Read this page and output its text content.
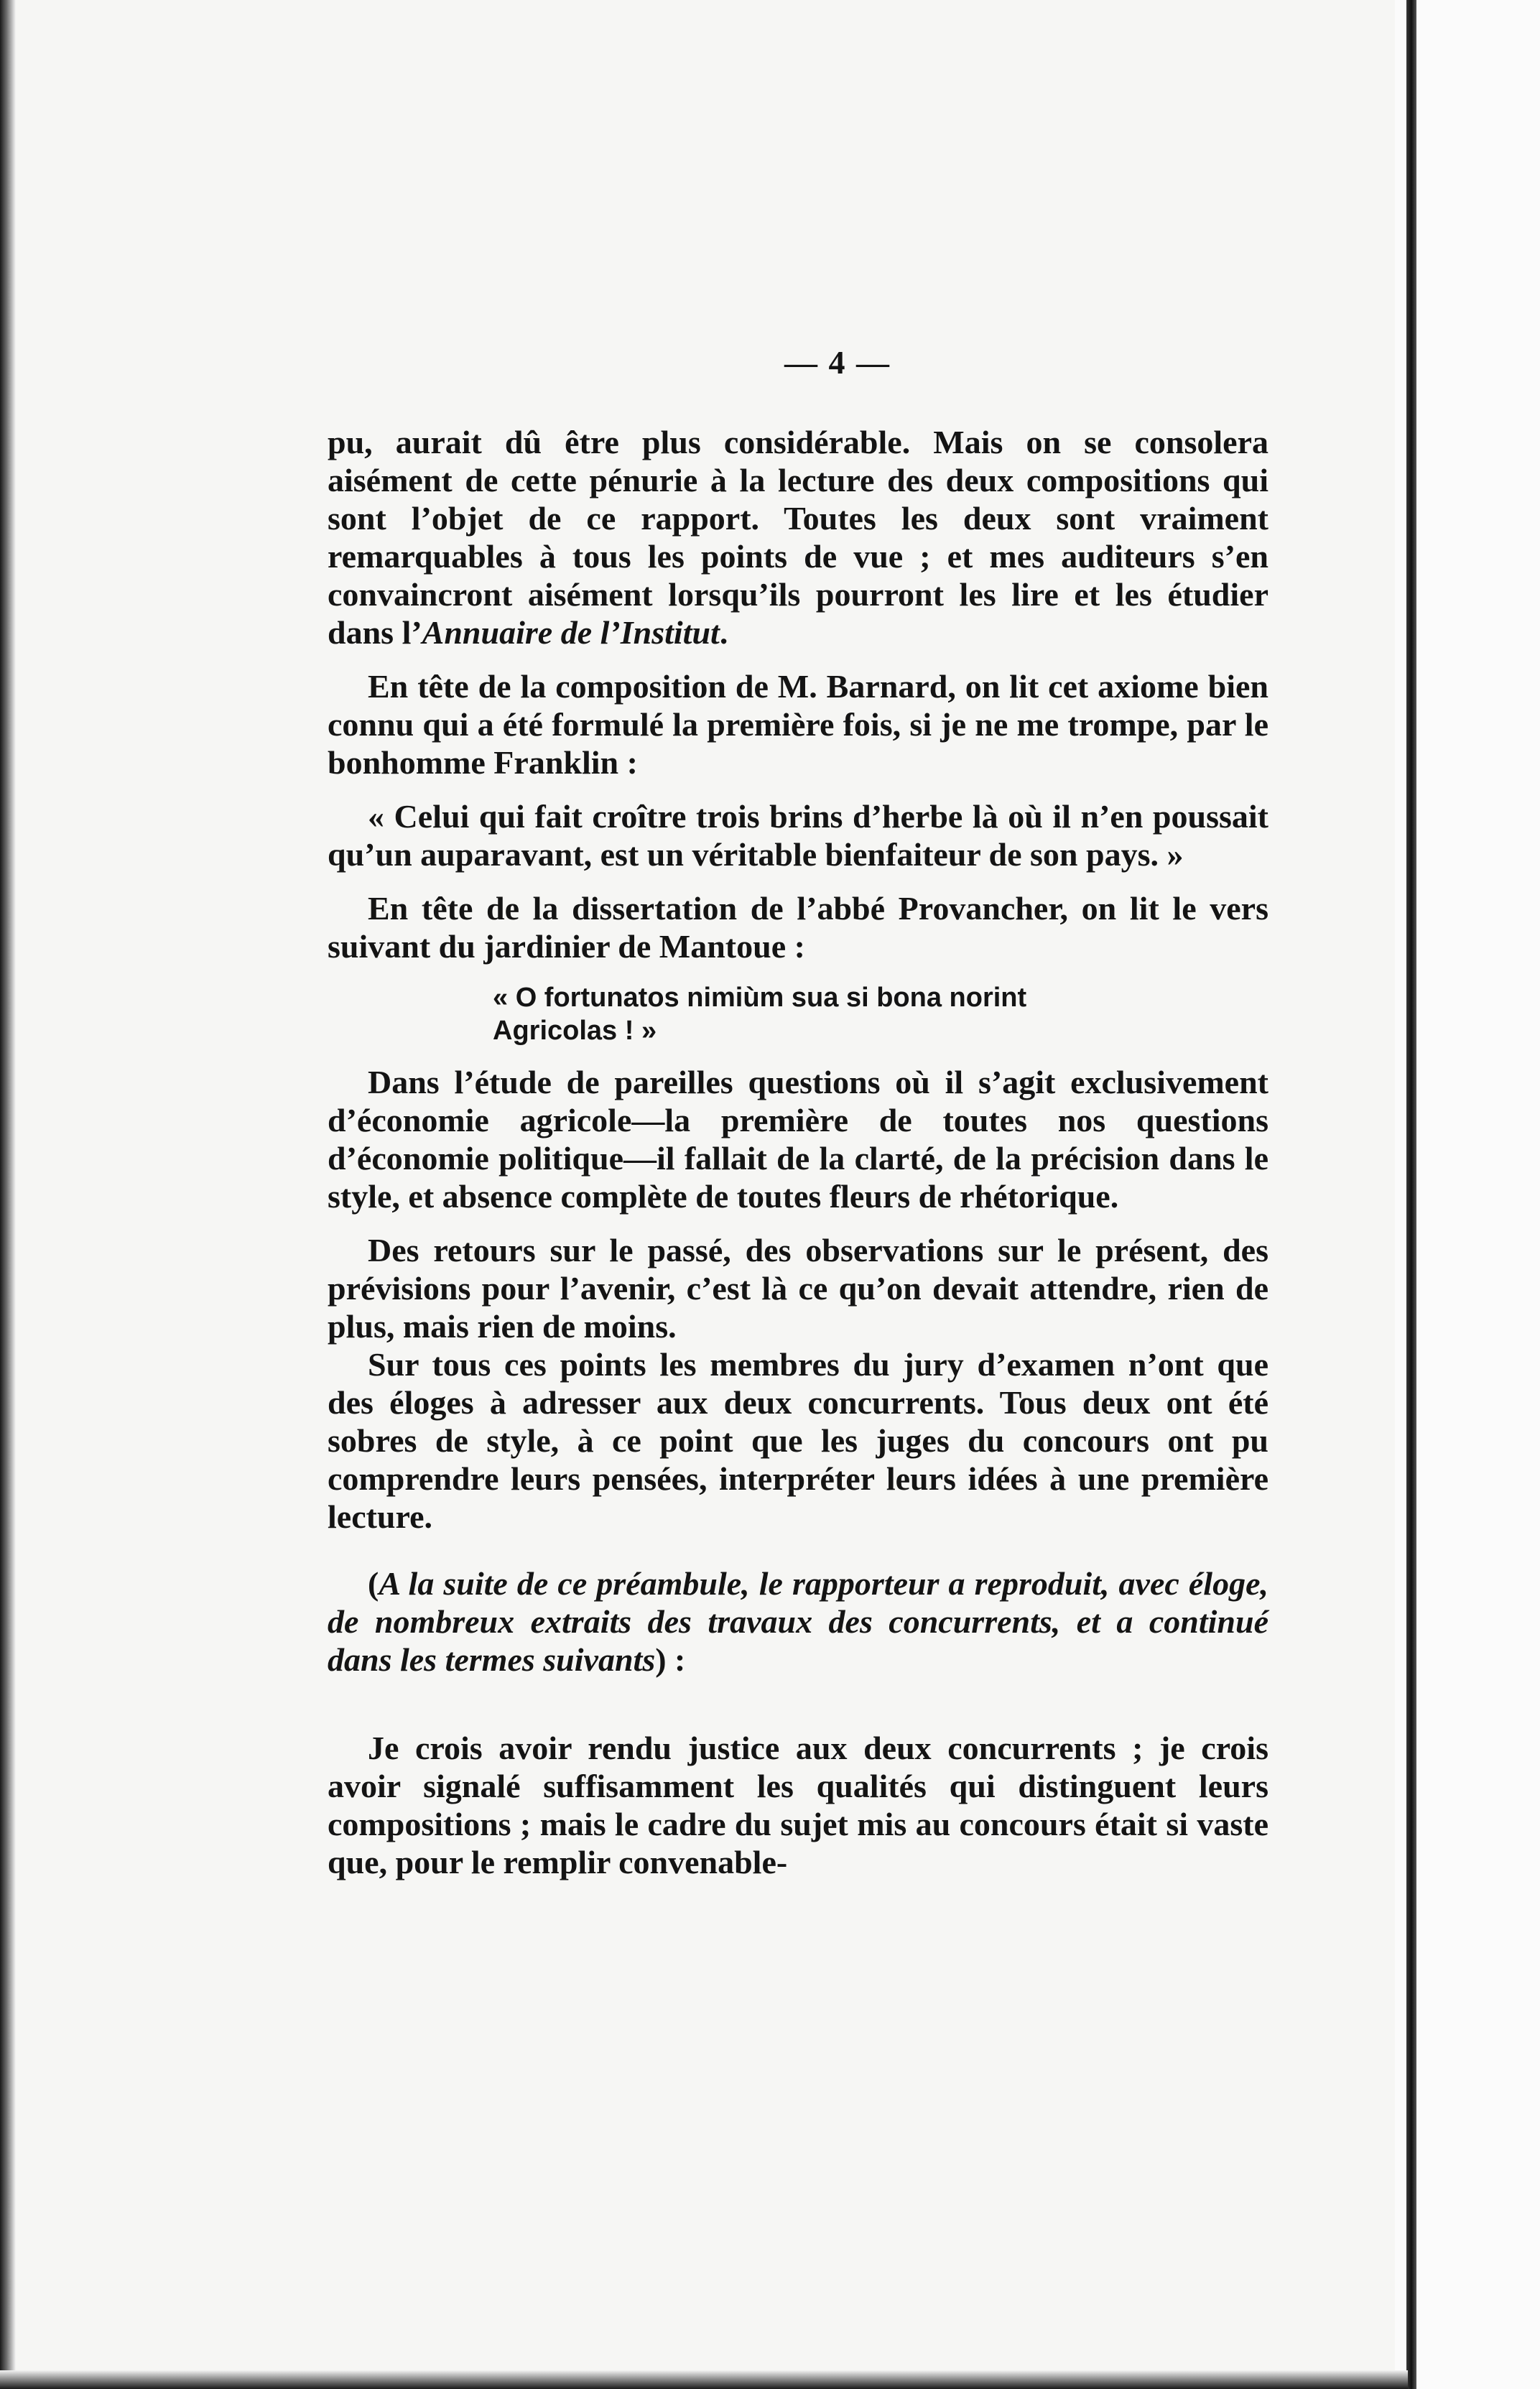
— 4 —

pu, aurait dû être plus considérable. Mais on se consolera aisément de cette pénurie à la lecture des deux compositions qui sont l’objet de ce rapport. Toutes les deux sont vraiment remarquables à tous les points de vue ; et mes auditeurs s’en convaincront aisément lorsqu’ils pourront les lire et les étudier dans l’Annuaire de l’Institut.

En tête de la composition de M. Barnard, on lit cet axiome bien connu qui a été formulé la première fois, si je ne me trompe, par le bonhomme Franklin :

« Celui qui fait croître trois brins d’herbe là où il n’en poussait qu’un auparavant, est un véritable bienfaiteur de son pays. »

En tête de la dissertation de l’abbé Provancher, on lit le vers suivant du jardinier de Mantoue :

« O fortunatos nimiùm sua si bona norint
Agricolas ! »

Dans l’étude de pareilles questions où il s’agit exclusivement d’économie agricole—la première de toutes nos questions d’économie politique—il fallait de la clarté, de la précision dans le style, et absence complète de toutes fleurs de rhétorique.

Des retours sur le passé, des observations sur le présent, des prévisions pour l’avenir, c’est là ce qu’on devait attendre, rien de plus, mais rien de moins.

Sur tous ces points les membres du jury d’examen n’ont que des éloges à adresser aux deux concurrents. Tous deux ont été sobres de style, à ce point que les juges du concours ont pu comprendre leurs pensées, interpréter leurs idées à une première lecture.

(A la suite de ce préambule, le rapporteur a reproduit, avec éloge, de nombreux extraits des travaux des concurrents, et a continué dans les termes suivants) :

Je crois avoir rendu justice aux deux concurrents ; je crois avoir signalé suffisamment les qualités qui distinguent leurs compositions ; mais le cadre du sujet mis au concours était si vaste que, pour le remplir convenable-
